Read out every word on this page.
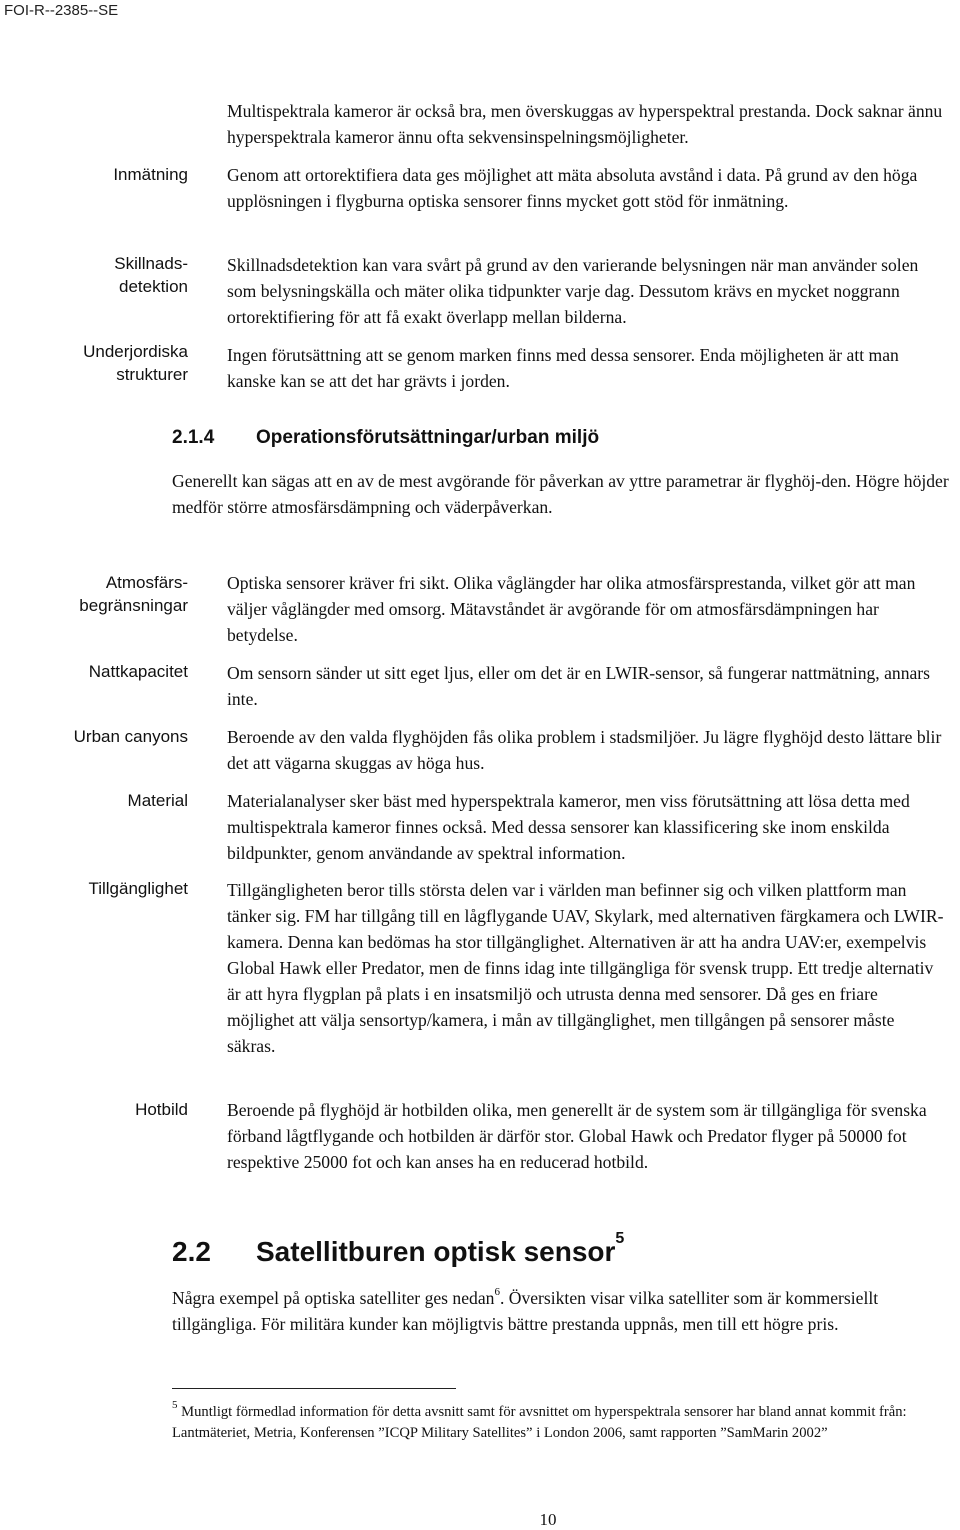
FOI-R--2385--SE
Multispektrala kameror är också bra, men överskuggas av hyperspektral prestanda. Dock saknar ännu hyperspektrala kameror ännu ofta sekvensinspelningsmöjligheter.
Inmätning Genom att ortorektifiera data ges möjlighet att mäta absoluta avstånd i data. På grund av den höga upplösningen i flygburna optiska sensorer finns mycket gott stöd för inmätning.
Skillnads-detektion
Skillnadsdetektion kan vara svårt på grund av den varierande belysningen när man använder solen som belysningskälla och mäter olika tidpunkter varje dag. Dessutom krävs en mycket noggrann ortorektifiering för att få exakt överlapp mellan bilderna.
Underjordiska strukturer
Ingen förutsättning att se genom marken finns med dessa sensorer. Enda möjligheten är att man kanske kan se att det har grävts i jorden.
2.1.4 Operationsförutsättningar/urban miljö
Generellt kan sägas att en av de mest avgörande för påverkan av yttre parametrar är flyghöj-den. Högre höjder medför större atmosfärsdämpning och väderpåverkan.
Atmosfärs-begränsningar
Optiska sensorer kräver fri sikt. Olika våglängder har olika atmosfärsprestanda, vilket gör att man väljer våglängder med omsorg. Mätavståndet är avgörande för om atmosfärsdämpningen har betydelse.
Nattkapacitet Om sensorn sänder ut sitt eget ljus, eller om det är en LWIR-sensor, så fungerar nattmätning, annars inte.
Urban canyons Beroende av den valda flyghöjden fås olika problem i stadsmiljöer. Ju lägre flyghöjd desto lättare blir det att vägarna skuggas av höga hus.
Material Materialanalyser sker bäst med hyperspektrala kameror, men viss förutsättning att lösa detta med multispektrala kameror finnes också. Med dessa sensorer kan klassificering ske inom enskilda bildpunkter, genom användande av spektral information.
Tillgänglighet Tillgängligheten beror tills största delen var i världen man befinner sig och vilken plattform man tänker sig. FM har tillgång till en lågflygande UAV, Skylark, med alternativen färgkamera och LWIR-kamera. Denna kan bedömas ha stor tillgänglighet. Alternativen är att ha andra UAV:er, exempelvis Global Hawk eller Predator, men de finns idag inte tillgängliga för svensk trupp. Ett tredje alternativ är att hyra flygplan på plats i en insatsmiljö och utrusta denna med sensorer. Då ges en friare möjlighet att välja sensortyp/kamera, i mån av tillgänglighet, men tillgången på sensorer måste säkras.
Hotbild Beroende på flyghöjd är hotbilden olika, men generellt är de system som är tillgängliga för svenska förband lågtflygande och hotbilden är därför stor. Global Hawk och Predator flyger på 50000 fot respektive 25000 fot och kan anses ha en reducerad hotbild.
2.2 Satellitburen optisk sensor$^5$
Några exempel på optiska satelliter ges nedan$^6$. Översikten visar vilka satelliter som är kommersiellt tillgängliga. För militära kunder kan möjligtvis bättre prestanda uppnås, men till ett högre pris.
$^5$ Muntligt förmedlad information för detta avsnitt samt för avsnittet om hyperspektrala sensorer har bland annat kommit från: Lantmäteriet, Metria, Konferensen ”ICQP Military Satellites” i London 2006, samt rapporten ”SamMarin 2002”
10
